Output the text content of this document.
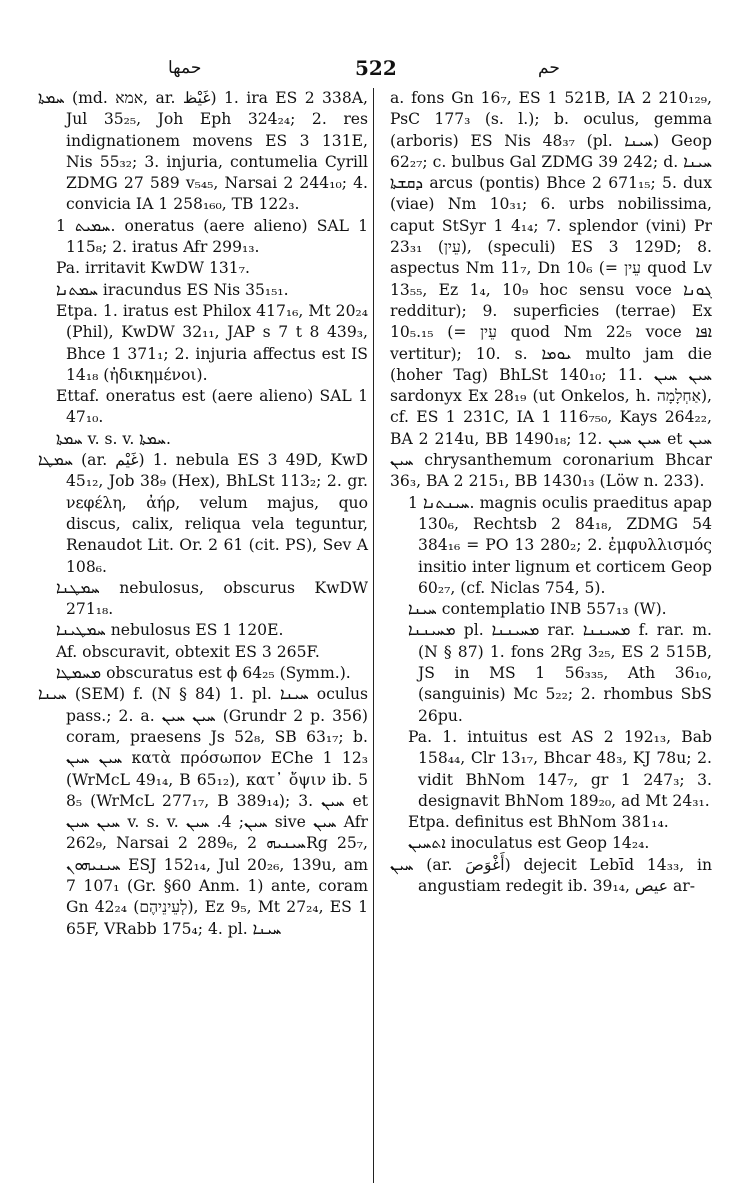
حمها	522	حم

ܚܡܬܐ (md. אמא, ar. غَيْظ) 1. ira ES 2 338A, Jul 35₂₅, Joh Eph 324₂₄; 2. res indignationem movens ES 3 131E, Nis 55₃₂; 3. injuria, contumelia Cyrill ZDMG 27 589 v₅₄₅, Narsai 2 244₁₀; 4. convicia IA 1 258₁₆₀, TB 122₃.

ܚܡܝܬ 1. oneratus (aere alieno) SAL 1 115₈; 2. iratus Afr 299₁₃.

Pa. irritavit KwDW 131₇.

ܚܡܬܢܐ iracundus ES Nis 35₁₅₁.

Etpa. 1. iratus est Philox 417₁₆, Mt 20₂₄ (Phil), KwDW 32₁₁, JAP s 7 t 8 439₃, Bhce 1 371₁; 2. injuria affectus est IS 14₁₈ (ἠδικημένοι).

Ettaf. oneratus est (aere alieno) SAL 1 47₁₀.

ܚܡܬܐ v. s. v. ܚܡܬܐ.

ܚܡܛܐ (ar. غَيْم) 1. nebula ES 3 49D, KwD 45₁₂, Job 38₉ (Hex), BhLSt 113₂; 2. gr. νεφέλη, ἀήρ, velum majus, quo discus, calix, reliqua vela teguntur, Renaudot Lit. Or. 2 61 (cit. PS), Sev A 108₆.

ܚܡܛܢܐ nebulosus, obscurus KwDW 271₁₈.

ܚܡܛܝܢܐ nebulosus ES 1 120E.

Af. obscuravit, obtexit ES 3 265F.

ܡܚܡܛܐ obscuratus est ϕ 64₂₅ (Symm.).

ܚܝܢܐ (SEM) f. (N § 84) 1. pl. ܚܝܢܐ oculus pass.; 2. a. ܚܝܢ ܚܝܢ (Grundr 2 p. 356) coram, praesens Js 52₈, SB 63₁₇; b. ܚܝܢ ܚܝܢ κατὰ πρόσωπον EChe 1 12₃ (WrMcL 49₁₄, B 65₁₂), κατ᾽ ὄψιν ib. 5 8₅ (WrMcL 277₁₇, B 389₁₄); 3. ܚܝܢ et ܚܝܢ ܚܝܢ v. s. v. ܚܝܢ; 4. ܚܝܢ sive ܚܝܢ Afr 262₉, Narsai 2 289₆, ܚܝܢܝܗ 2Rg 25₇, ܚܝܢܝܗܘܢ ESJ 152₁₄, Jul 20₂₆, 139u, am 7 107₁ (Gr. §60 Anm. 1) ante, coram Gn 42₂₄ (לְעֵינֵיהֶם), Ez 9₅, Mt 27₂₄, ES 1 65F, VRabb 175₄; 4. pl. ܚܝܢܐ

a. fons Gn 16₇, ES 1 521B, IA 2 210₁₂₉, PsC 177₃ (s. l.); b. oculus, gemma (arboris) ES Nis 48₃₇ (pl. ܚܝܢܐ) Geop 62₂₇; c. bulbus Gal ZDMG 39 242; d. ܚܝܢܐ ܕܩܫܬܐ arcus (pontis) Bhce 2 671₁₅; 5. dux (viae) Nm 10₃₁; 6. urbs nobilissima, caput StSyr 1 4₁₄; 7. splendor (vini) Pr 23₃₁ (עֵין), (speculi) ES 3 129D; 8. aspectus Nm 11₇, Dn 10₆ (= עֵין quod Lv 13₅₅, Ez 1₄, 10₉ hoc sensu voce ܓܘܢܐ redditur); 9. superficies (terrae) Ex 10₅.₁₅ (= עֵין quod Nm 22₅ voce ܐܦܐ vertitur); 10. s. ܝܘܡܐ multo jam die (hoher Tag) BhLSt 140₁₀; 11. ܚܝܢ ܚܝܢ sardonyx Ex 28₁₉ (ut Onkelos, h. אַחְלָמָה), cf. ES 1 231C, IA 1 116₇₅₀, Kays 264₂₂, BA 2 214u, BB 1490₁₈; 12. ܚܝܢ ܚܝܢ et ܚܝܢ ܚܝܢ chrysanthemum coronarium Bhcar 36₃, BA 2 215₁, BB 1430₁₃ (Löw n. 233).

ܚܝܢܬܢܐ 1. magnis oculis praeditus apap 130₆, Rechtsb 2 84₁₈, ZDMG 54 384₁₆ = PO 13 280₂; 2. ἐμφυλλισμός insitio inter lignum et corticem Geop 60₂₇, (cf. Niclas 754, 5).

ܚܝܢܐ contemplatio INB 557₁₃ (W).

ܡܚܝܢܢܐ pl. ܡܚܝܢܢܐ rar. ܡܚܝܢܢܐ f. rar. m. (N § 87) 1. fons 2Rg 3₂₅, ES 2 515B, JS in MS 1 56₃₃₅, Ath 36₁₀, (sanguinis) Mc 5₂₂; 2. rhombus SbS 26pu.

Pa. 1. intuitus est AS 2 192₁₃, Bab 158₄₄, Clr 13₁₇, Bhcar 48₃, KJ 78u; 2. vidit BhNom 147₇, gr 1 247₃; 3. designavit BhNom 189₂₀, ad Mt 24₃₁.

Etpa. definitus est BhNom 381₁₄.

ܐܬܚܝܢ inoculatus est Geop 14₂₄.

ܚܝܢ (ar. أَغْوَصَ) dejecit Lebīd 14₃₃, in angustiam redegit ib. 39₁₄, عيص ar-
